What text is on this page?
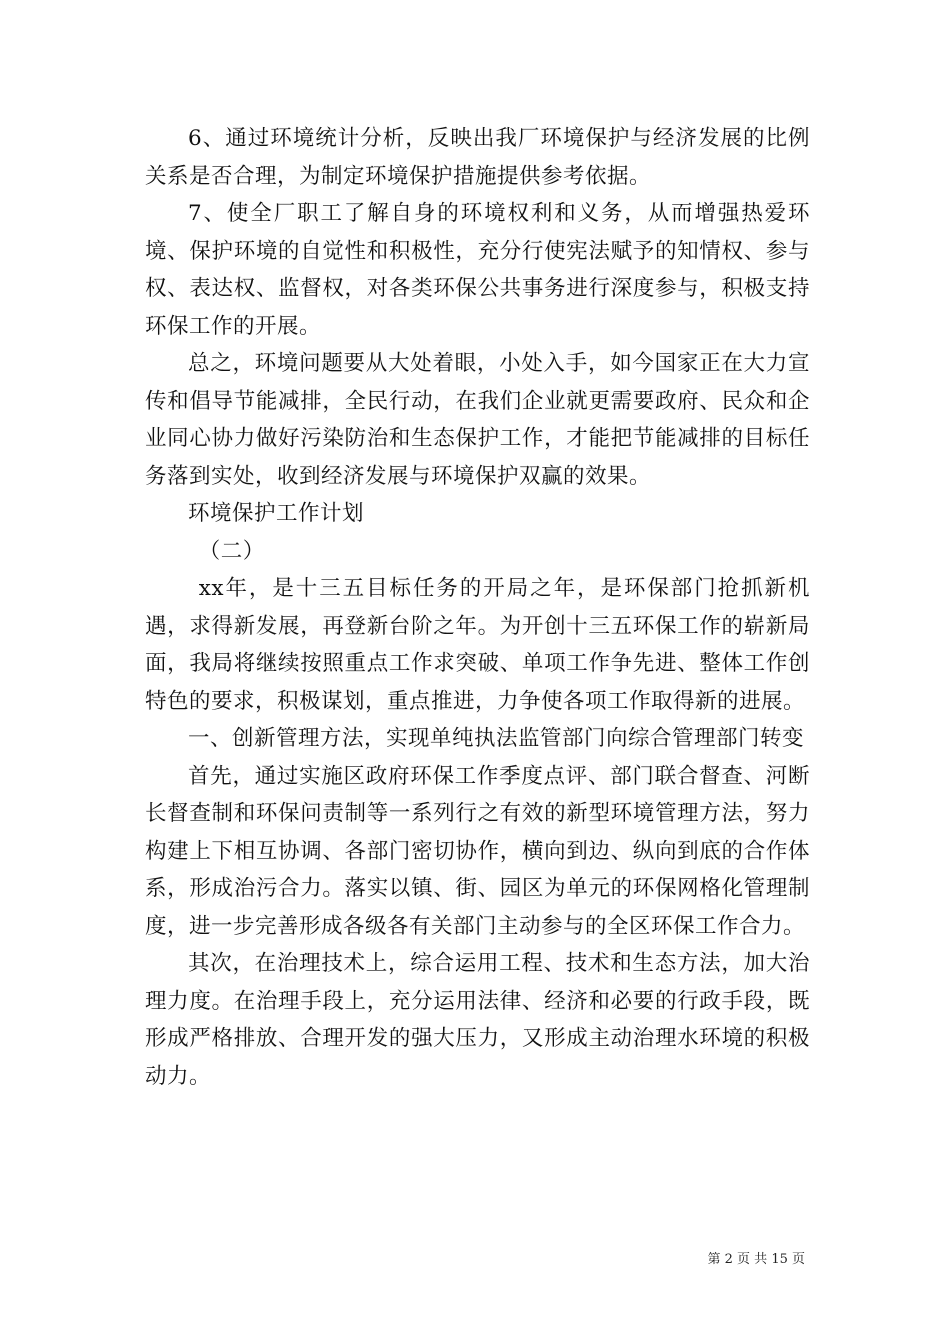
6、通过环境统计分析，反映出我厂环境保护与经济发展的比例关系是否合理，为制定环境保护措施提供参考依据。

7、使全厂职工了解自身的环境权利和义务，从而增强热爱环境、保护环境的自觉性和积极性，充分行使宪法赋予的知情权、参与权、表达权、监督权，对各类环保公共事务进行深度参与，积极支持环保工作的开展。

总之，环境问题要从大处着眼，小处入手，如今国家正在大力宣传和倡导节能减排，全民行动，在我们企业就更需要政府、民众和企业同心协力做好污染防治和生态保护工作，才能把节能减排的目标任务落到实处，收到经济发展与环境保护双赢的效果。

环境保护工作计划

（二）

xx年，是十三五目标任务的开局之年，是环保部门抢抓新机遇，求得新发展，再登新台阶之年。为开创十三五环保工作的崭新局面，我局将继续按照重点工作求突破、单项工作争先进、整体工作创特色的要求，积极谋划，重点推进，力争使各项工作取得新的进展。

一、创新管理方法，实现单纯执法监管部门向综合管理部门转变

首先，通过实施区政府环保工作季度点评、部门联合督查、河断长督查制和环保问责制等一系列行之有效的新型环境管理方法，努力构建上下相互协调、各部门密切协作，横向到边、纵向到底的合作体系，形成治污合力。落实以镇、街、园区为单元的环保网格化管理制度，进一步完善形成各级各有关部门主动参与的全区环保工作合力。

其次，在治理技术上，综合运用工程、技术和生态方法，加大治理力度。在治理手段上，充分运用法律、经济和必要的行政手段，既形成严格排放、合理开发的强大压力，又形成主动治理水环境的积极动力。

第 2 页 共 15 页
